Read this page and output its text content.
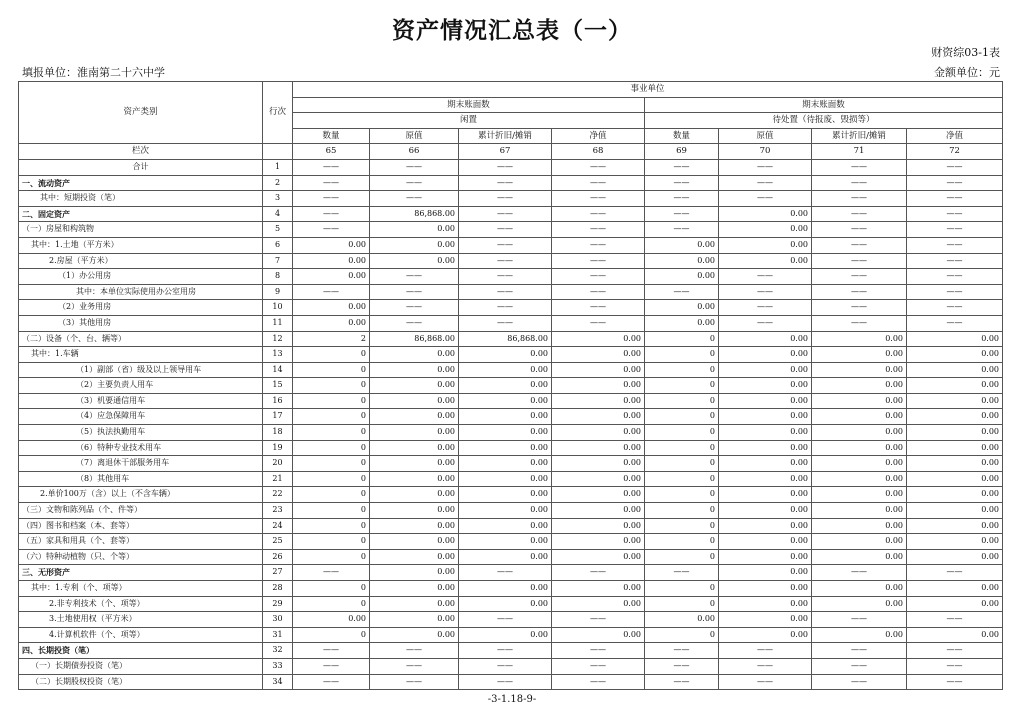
资产情况汇总表（一）
财资综03-1表
填报单位：淮南第二十六中学	金额单位：元
资产类别	行次	事业单位							
		期末账面数				期末账面数			
		闲置				待处置（待报废、毁损等）			
		数量	原值	累计折旧/摊销	净值	数量	原值	累计折旧/摊销	净值
栏次		65	66	67	68	69	70	71	72
合计	1	——	——	——	——	——	——	——	——
一、流动资产	2	——	——	——	——	——	——	——	——
其中：短期投资（笔）	3	——	——	——	——	——	——	——	——
二、固定资产	4	——	86,868.00	——	——	——	0.00	——	——
（一）房屋和构筑物	5	——	0.00	——	——	——	0.00	——	——
其中：1.土地（平方米）	6	0.00	0.00	——	——	0.00	0.00	——	——
2.房屋（平方米）	7	0.00	0.00	——	——	0.00	0.00	——	——
（1）办公用房	8	0.00	——	——	——	0.00	——	——	——
其中：本单位实际使用办公室用房	9	——	——	——	——	——	——	——	——
（2）业务用房	10	0.00	——	——	——	0.00	——	——	——
（3）其他用房	11	0.00	——	——	——	0.00	——	——	——
（二）设备（个、台、辆等）	12	2	86,868.00	86,868.00	0.00	0	0.00	0.00	0.00
其中：1.车辆	13	0	0.00	0.00	0.00	0	0.00	0.00	0.00
（1）副部（省）级及以上领导用车	14	0	0.00	0.00	0.00	0	0.00	0.00	0.00
（2）主要负责人用车	15	0	0.00	0.00	0.00	0	0.00	0.00	0.00
（3）机要通信用车	16	0	0.00	0.00	0.00	0	0.00	0.00	0.00
（4）应急保障用车	17	0	0.00	0.00	0.00	0	0.00	0.00	0.00
（5）执法执勤用车	18	0	0.00	0.00	0.00	0	0.00	0.00	0.00
（6）特种专业技术用车	19	0	0.00	0.00	0.00	0	0.00	0.00	0.00
（7）离退休干部服务用车	20	0	0.00	0.00	0.00	0	0.00	0.00	0.00
（8）其他用车	21	0	0.00	0.00	0.00	0	0.00	0.00	0.00
2.单价100万（含）以上（不含车辆）	22	0	0.00	0.00	0.00	0	0.00	0.00	0.00
（三）文物和陈列品（个、件等）	23	0	0.00	0.00	0.00	0	0.00	0.00	0.00
（四）图书和档案（本、套等）	24	0	0.00	0.00	0.00	0	0.00	0.00	0.00
（五）家具和用具（个、套等）	25	0	0.00	0.00	0.00	0	0.00	0.00	0.00
（六）特种动植物（只、个等）	26	0	0.00	0.00	0.00	0	0.00	0.00	0.00
三、无形资产	27	——	0.00	——	——	——	0.00	——	——
其中：1.专利（个、项等）	28	0	0.00	0.00	0.00	0	0.00	0.00	0.00
2.非专利技术（个、项等）	29	0	0.00	0.00	0.00	0	0.00	0.00	0.00
3.土地使用权（平方米）	30	0.00	0.00	——	——	0.00	0.00	——	——
4.计算机软件（个、项等）	31	0	0.00	0.00	0.00	0	0.00	0.00	0.00
四、长期投资（笔）	32	——	——	——	——	——	——	——	——
（一）长期债券投资（笔）	33	——	——	——	——	——	——	——	——
（二）长期股权投资（笔）	34	——	——	——	——	——	——	——	——
-3-1.18-9-
